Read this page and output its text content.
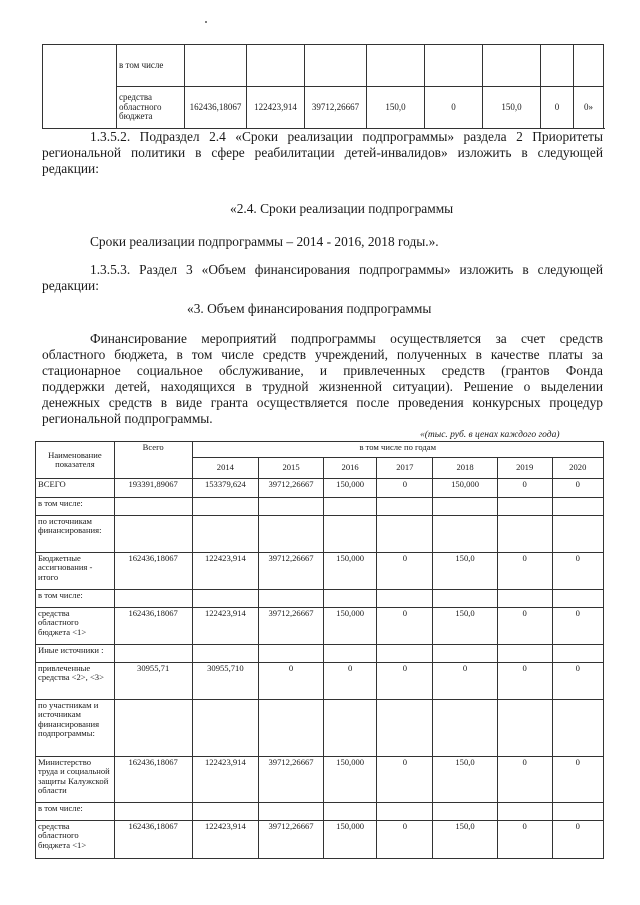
	в том числе								
	средства областного бюджета	162436,18067	122423,914	39712,26667	150,0	0	150,0	0	0»

1.3.5.2. Подраздел 2.4 «Сроки реализации подпрограммы» раздела 2 Приоритеты

региональной политики в сфере реабилитации детей-инвалидов» изложить в следующей

редакции:

«2.4. Сроки реализации подпрограммы

Сроки реализации подпрограммы – 2014 - 2016, 2018 годы.».

1.3.5.3. Раздел 3 «Объем финансирования подпрограммы» изложить в следующей

редакции:

«3. Объем финансирования подпрограммы

Финансирование мероприятий подпрограммы осуществляется за счет средств

областного бюджета, в том числе средств учреждений, полученных в качестве платы за

стационарное социальное обслуживание, и привлеченных средств (грантов Фонда

поддержки детей, находящихся в трудной жизненной ситуации). Решение о выделении

денежных средств в виде гранта осуществляется после проведения конкурсных процедур

региональной подпрограммы.

«(тыс. руб. в ценах каждого года)
Наименование показателя	Всего	в том числе по годам						
		2014	2015	2016	2017	2018	2019	2020
ВСЕГО	193391,89067	153379,624	39712,26667	150,000	0	150,000	0	0
в том числе:								
по источникам финансирования:								
Бюджетные ассигнования - итого	162436,18067	122423,914	39712,26667	150,000	0	150,0	0	0
в том числе:								
средства областного бюджета <1>	162436,18067	122423,914	39712,26667	150,000	0	150,0	0	0
Иные источники :								
привлеченные средства <2>, <3>	30955,71	30955,710	0	0	0	0	0	0
по участникам и источникам финансирования подпрограммы:								
Министерство труда и социальной защиты Калужской области	162436,18067	122423,914	39712,26667	150,000	0	150,0	0	0
в том числе:								
средства областного бюджета <1>	162436,18067	122423,914	39712,26667	150,000	0	150,0	0	0
